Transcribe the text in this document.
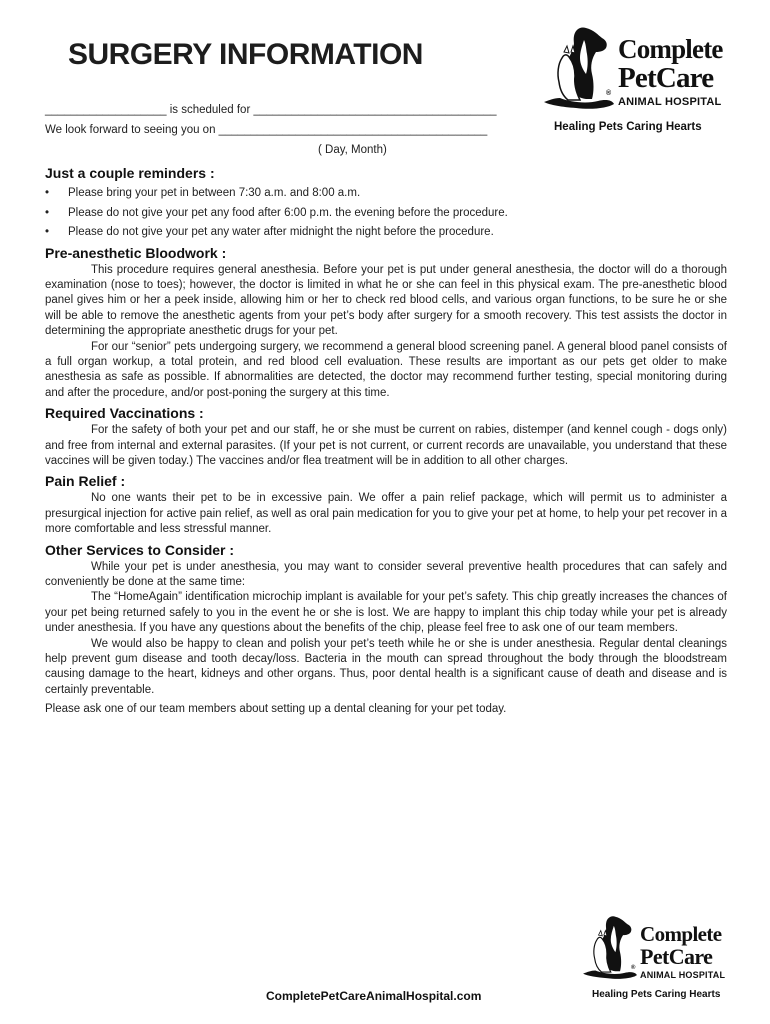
SURGERY INFORMATION	Complete
PetCare
®
ANIMAL HOSPITAL
Healing Pets Caring Hearts
___________________ is scheduled for ______________________________________
We look forward to seeing you on __________________________________________
( Day, Month)
Just a couple reminders :
• Please bring your pet in between 7:30 a.m. and 8:00 a.m.
• Please do not give your pet any food after 6:00 p.m. the evening before the procedure.
• Please do not give your pet any water after midnight the night before the procedure.
Pre-anesthetic Bloodwork :

This procedure requires general anesthesia. Before your pet is put under general anesthesia, the doctor will do a thorough examination (nose to toes); however, the doctor is limited in what he or she can feel in this physical exam. The pre-anesthetic blood panel gives him or her a peek inside, allowing him or her to check red blood cells, and various organ functions, to be sure he or she will be able to remove the anesthetic agents from your pet’s body after surgery for a smooth recovery. This test assists the doctor in determining the appropriate anesthetic drugs for your pet.

For our “senior” pets undergoing surgery, we recommend a general blood screening panel. A general blood panel consists of a full organ workup, a total protein, and red blood cell evaluation. These results are important as our pets get older to make anesthesia as safe as possible. If abnormalities are detected, the doctor may recommend further testing, special monitoring during and after the procedure, and/or post-poning the surgery at this time.

Required Vaccinations :

For the safety of both your pet and our staff, he or she must be current on rabies, distemper (and kennel cough - dogs only) and free from internal and external parasites. (If your pet is not current, or current records are unavailable, you understand that these vaccines will be given today.) The vaccines and/or flea treatment will be in addition to all other charges.

Pain Relief :

No one wants their pet to be in excessive pain. We offer a pain relief package, which will permit us to administer a presurgical injection for active pain relief, as well as oral pain medication for you to give your pet at home, to help your pet recover in a more comfortable and less stressful manner.

Other Services to Consider :

While your pet is under anesthesia, you may want to consider several preventive health procedures that can safely and conveniently be done at the same time:

The “HomeAgain” identification microchip implant is available for your pet’s safety. This chip greatly increases the chances of your pet being returned safely to you in the event he or she is lost. We are happy to implant this chip today while your pet is already under anesthesia. If you have any questions about the benefits of the chip, please feel free to ask one of our team members.

We would also be happy to clean and polish your pet’s teeth while he or she is under anesthesia. Regular dental cleanings help prevent gum disease and tooth decay/loss. Bacteria in the mouth can spread throughout the body through the bloodstream causing damage to the heart, kidneys and other organs. Thus, poor dental health is a significant cause of death and disease and is certainly preventable.

Please ask one of our team members about setting up a dental cleaning for your pet today.

CompletePetCareAnimalHospital.com
Complete
PetCare
®
ANIMAL HOSPITAL
Healing Pets Caring Hearts
